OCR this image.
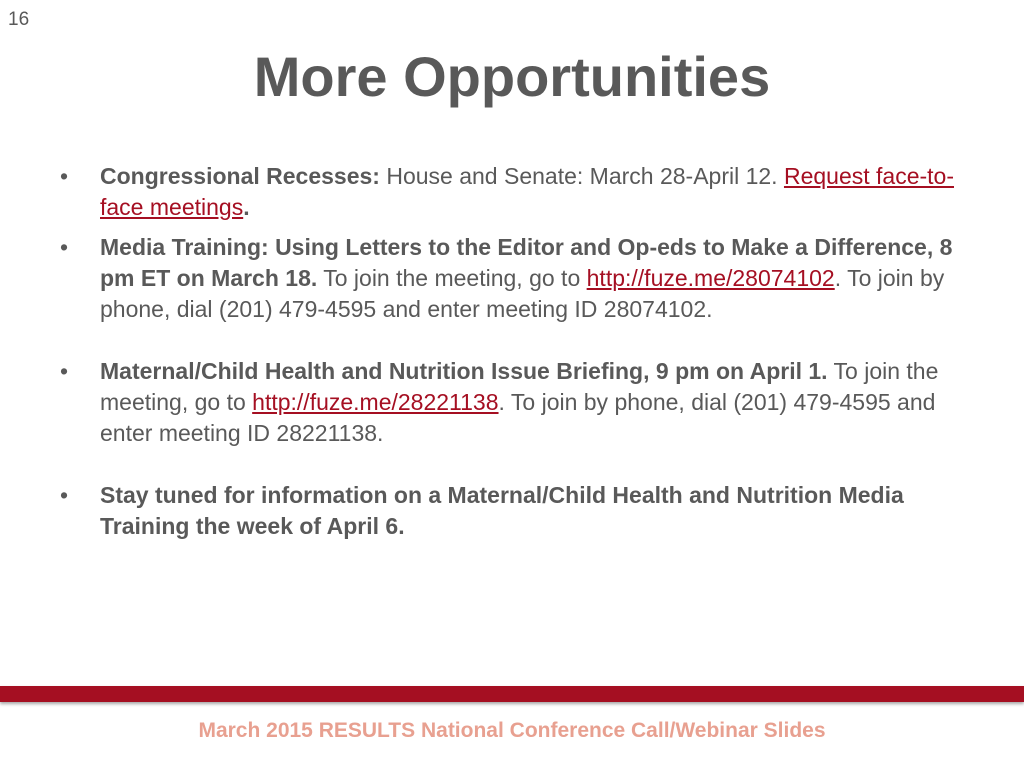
16
More Opportunities
• Congressional Recesses: House and Senate: March 28-April 12. Request face-to-face meetings.
• Media Training: Using Letters to the Editor and Op-eds to Make a Difference, 8 pm ET on March 18. To join the meeting, go to http://fuze.me/28074102. To join by phone, dial (201) 479-4595 and enter meeting ID 28074102.
• Maternal/Child Health and Nutrition Issue Briefing, 9 pm on April 1. To join the meeting, go to http://fuze.me/28221138. To join by phone, dial (201) 479-4595 and enter meeting ID 28221138.
• Stay tuned for information on a Maternal/Child Health and Nutrition Media Training the week of April 6.
March 2015 RESULTS National Conference Call/Webinar Slides
